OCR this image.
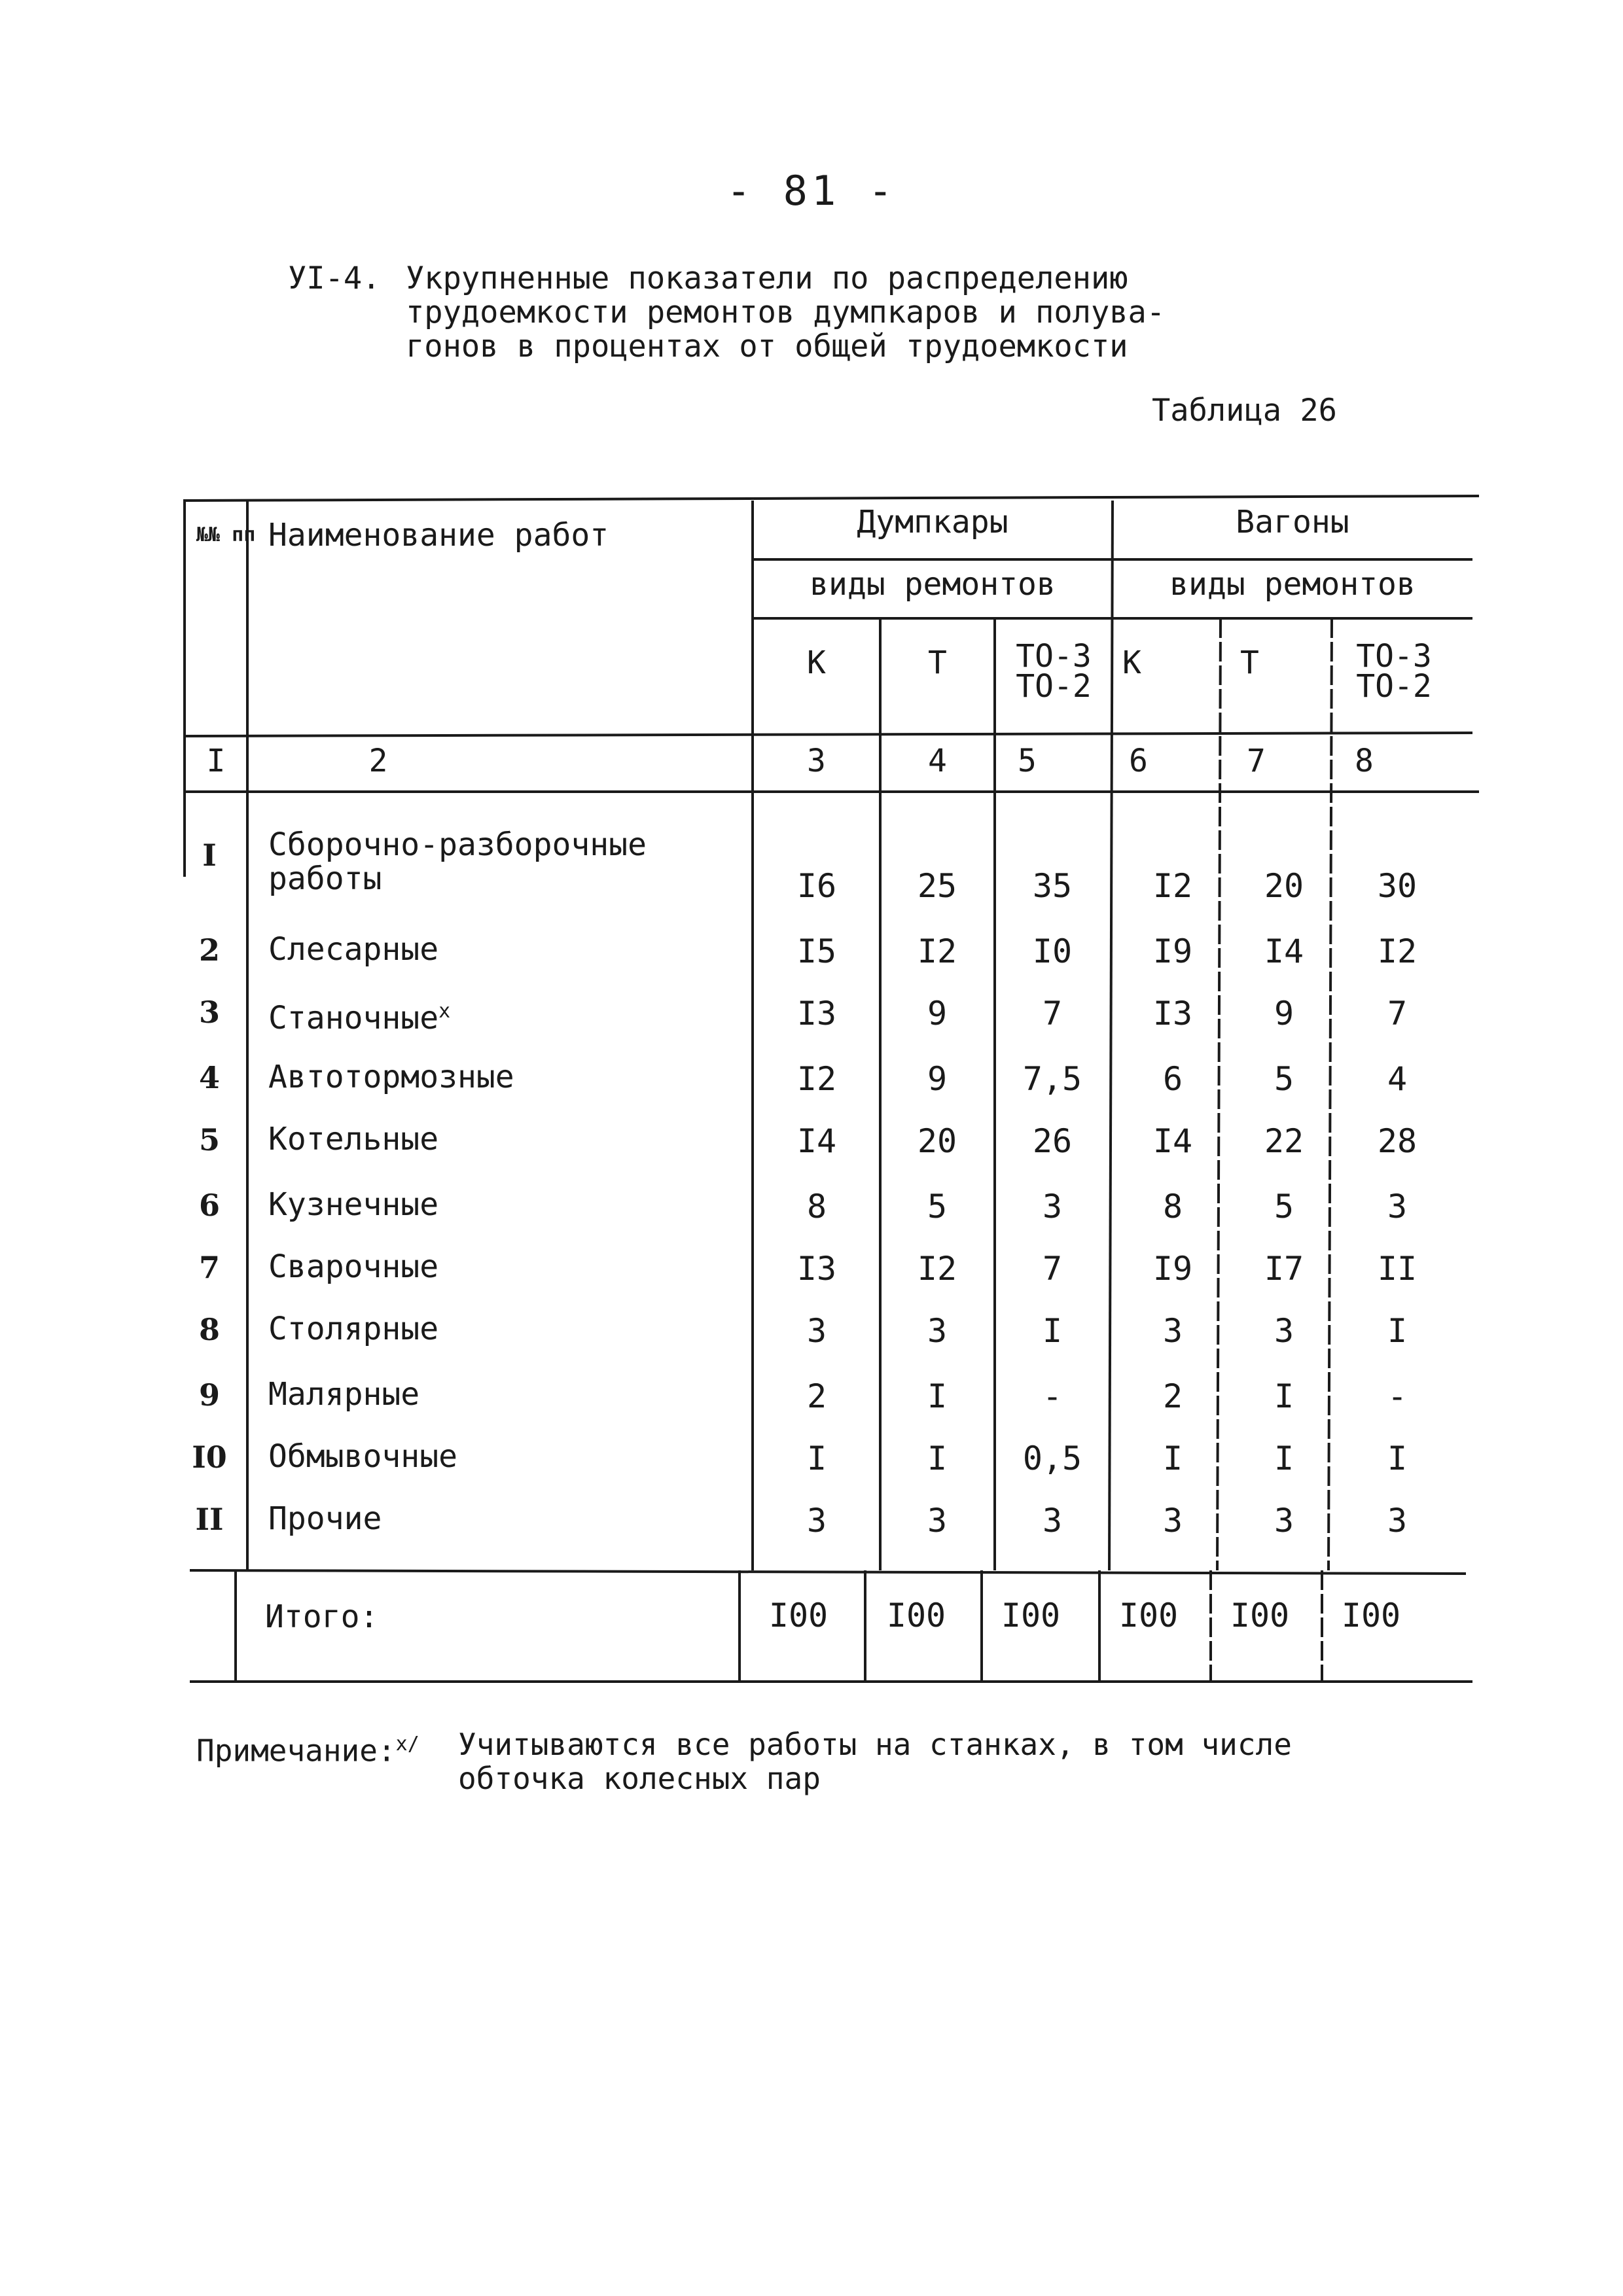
- 81 -
УI-4. Укрупненные показатели по распределению
трудоемкости ремонтов думпкаров и полува-
гонов в процентах от общей трудоемкости
Таблица 26
№№ пп Наименование работ	Думпкары	Вагоны
виды ремонтов	виды ремонтов
К	Т	ТО-3 ТО-2
К	Т	ТО-3 ТО-2
I	2	3	4	5	6	7	8
I	Сборочно-разборочные работы	I6	25	35	I2	20	30
2	Слесарные	I5	I2	I0	I9	I4	I2
3	Станочные$^x$	I3	9	7	I3	9	7
4	Автотормозные	I2	9	7,5	6	5	4
5	Котельные	I4	20	26	I4	22	28
6	Кузнечные	8	5	3	8	5	3
7	Сварочные	I3	I2	7	I9	I7	II
8	Столярные	3	3	I	3	3	I
9	Малярные	2	I	-	2	I	-
I0 Обмывочные	I	I	0,5	I	I	I
II	Прочие	3	3	3	3	3	3
Итого:	I00	I00	I00	I00	I00	I00
Примечание:$^{x/}$ Учитываются все работы на станках, в том числе
обточка колесных пар
